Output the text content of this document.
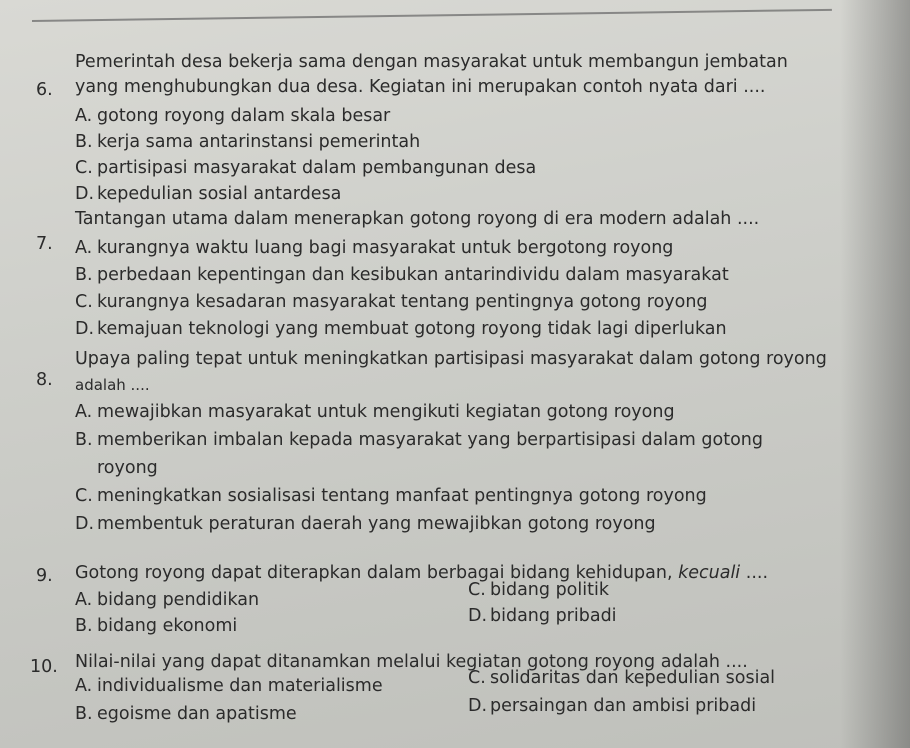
6.
Pemerintah desa bekerja sama dengan masyarakat untuk membangun jembatan
yang menghubungkan dua desa. Kegiatan ini merupakan contoh nyata dari ....
A. gotong royong dalam skala besar
B. kerja sama antarinstansi pemerintah
C. partisipasi masyarakat dalam pembangunan desa
D. kepedulian sosial antardesa
7.
Tantangan utama dalam menerapkan gotong royong di era modern adalah ....
A. kurangnya waktu luang bagi masyarakat untuk bergotong royong
B. perbedaan kepentingan dan kesibukan antarindividu dalam masyarakat
C. kurangnya kesadaran masyarakat tentang pentingnya gotong royong
D. kemajuan teknologi yang membuat gotong royong tidak lagi diperlukan
8.
Upaya paling tepat untuk meningkatkan partisipasi masyarakat dalam gotong royong
adalah ....
A. mewajibkan masyarakat untuk mengikuti kegiatan gotong royong
B. memberikan imbalan kepada masyarakat yang berpartisipasi dalam gotong
royong
C. meningkatkan sosialisasi tentang manfaat pentingnya gotong royong
D. membentuk peraturan daerah yang mewajibkan gotong royong
9. Gotong royong dapat diterapkan dalam berbagai bidang kehidupan, kecuali ....
A. bidang pendidikan
B. bidang ekonomi
C. bidang politik
D. bidang pribadi
10. Nilai-nilai yang dapat ditanamkan melalui kegiatan gotong royong adalah ....
A. individualisme dan materialisme
B. egoisme dan apatisme
C. solidaritas dan kepedulian sosial
D. persaingan dan ambisi pribadi
